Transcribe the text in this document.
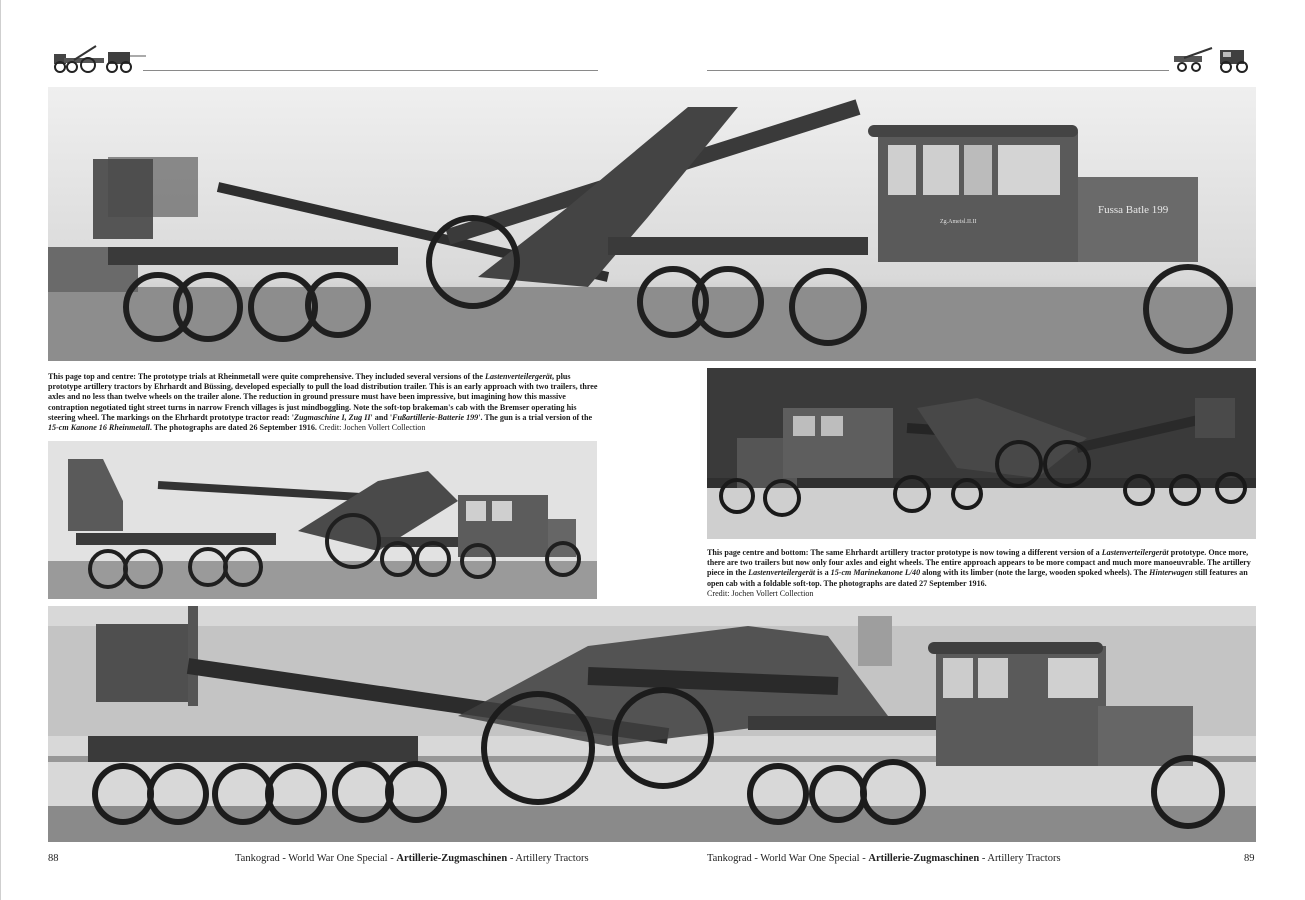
Fussa Batle 199
Zg.Ameisl.II.II
This page top and centre: The prototype trials at Rheinmetall were quite comprehensive. They included several versions of the Lastenverteilergerät, plus prototype artillery tractors by Ehrhardt and Büssing, developed especially to pull the load distribution trailer. This is an early approach with two trailers, three axles and no less than twelve wheels on the trailer alone. The reduction in ground pressure must have been impressive, but imagining how this massive contraption negotiated tight street turns in narrow French villages is just mindboggling. Note the soft-top brakeman's cab with the Bremser operating his steering wheel. The markings on the Ehrhardt prototype tractor read: 'Zugmaschine I, Zug II' and 'Fußartillerie-Batterie 199'. The gun is a trial version of the 15-cm Kanone 16 Rheinmetall. The photographs are dated 26 September 1916. Credit: Jochen Vollert Collection
This page centre and bottom: The same Ehrhardt artillery tractor prototype is now towing a different version of a Lastenverteilergerät prototype. Once more, there are two trailers but now only four axles and eight wheels. The entire approach appears to be more compact and much more manoeuvrable. The artillery piece in the Lastenverteilergerät is a 15-cm Marinekanone L/40 along with its limber (note the large, wooden spoked wheels). The Hinterwagen still features an open cab with a foldable soft-top. The photographs are dated 27 September 1916.
Credit: Jochen Vollert Collection
88	Tankograd - World War One Special - Artillerie-Zugmaschinen - Artillery Tractors	Tankograd - World War One Special - Artillerie-Zugmaschinen - Artillery Tractors	89
